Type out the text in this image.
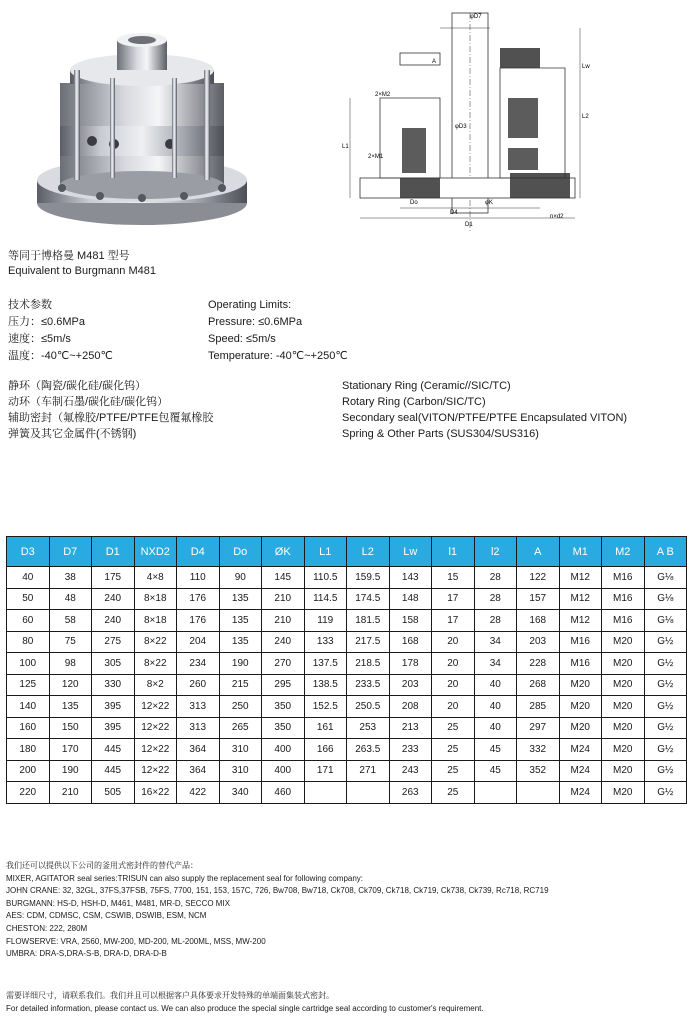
φD7
A
L2
L1
2×M2
2×M1
D1
D4
Do	φK
n×d2
φD3
Lw
等同于博格曼 M481 型号
Equivalent to Burgmann M481
技术参数
压力：≤0.6MPa
速度：≤5m/s
温度：-40℃~+250℃
Operating Limits:
Pressure: ≤0.6MPa
Speed: ≤5m/s
Temperature: -40℃~+250℃
静环（陶瓷/碳化硅/碳化钨）
动环（车制石墨/碳化硅/碳化钨）
辅助密封（氟橡胶/PTFE/PTFE包覆氟橡胶
弹簧及其它金属件(不锈钢)
Stationary Ring (Ceramic//SIC/TC)
Rotary Ring (Carbon/SIC/TC)
Secondary seal(VITON/PTFE/PTFE Encapsulated VITON)
Spring & Other Parts (SUS304/SUS316)
D3	D7	D1	NXD2	D4	Do	ØK	L1	L2	Lw	l1	l2	A	M1	M2	A B
40	38	175	4×8	110	90	145	110.5	159.5	143	15	28	122	M12	M16	G⅛
50	48	240	8×18	176	135	210	114.5	174.5	148	17	28	157	M12	M16	G⅛
60	58	240	8×18	176	135	210	119	181.5	158	17	28	168	M12	M16	G⅛
80	75	275	8×22	204	135	240	133	217.5	168	20	34	203	M16	M20	G½
100	98	305	8×22	234	190	270	137.5	218.5	178	20	34	228	M16	M20	G½
125	120	330	8×2	260	215	295	138.5	233.5	203	20	40	268	M20	M20	G½
140	135	395	12×22	313	250	350	152.5	250.5	208	20	40	285	M20	M20	G½
160	150	395	12×22	313	265	350	161	253	213	25	40	297	M20	M20	G½
180	170	445	12×22	364	310	400	166	263.5	233	25	45	332	M24	M20	G½
200	190	445	12×22	364	310	400	171	271	243	25	45	352	M24	M20	G½
220	210	505	16×22	422	340	460			263	25			M24	M20	G½
我们还可以提供以下公司的釜用式密封件的替代产品：
MIXER, AGITATOR seal series:TRISUN can also supply the replacement seal for following company:
JOHN CRANE: 32, 32GL, 37FS,37FSB, 75FS, 7700, 151, 153, 157C, 726, Bw708, Bw718, Ck708, Ck709, Ck718, Ck719, Ck738, Ck739, Rc718, RC719
BURGMANN: HS-D, HSH-D, M461, M481, MR-D, SECCO MIX
AES: CDM, CDMSC, CSM, CSWIB, DSWIB, ESM, NCM
CHESTON: 222, 280M
FLOWSERVE: VRA, 2560, MW-200, MD-200, ML-200ML, MSS, MW-200
UMBRA: DRA-S,DRA-S-B, DRA-D, DRA-D-B
需要详细尺寸，请联系我们。我们并且可以根据客户具体要求开发特殊的单端面集装式密封。
For detailed information, please contact us. We can also produce the special single cartridge seal according to customer's requirement.
